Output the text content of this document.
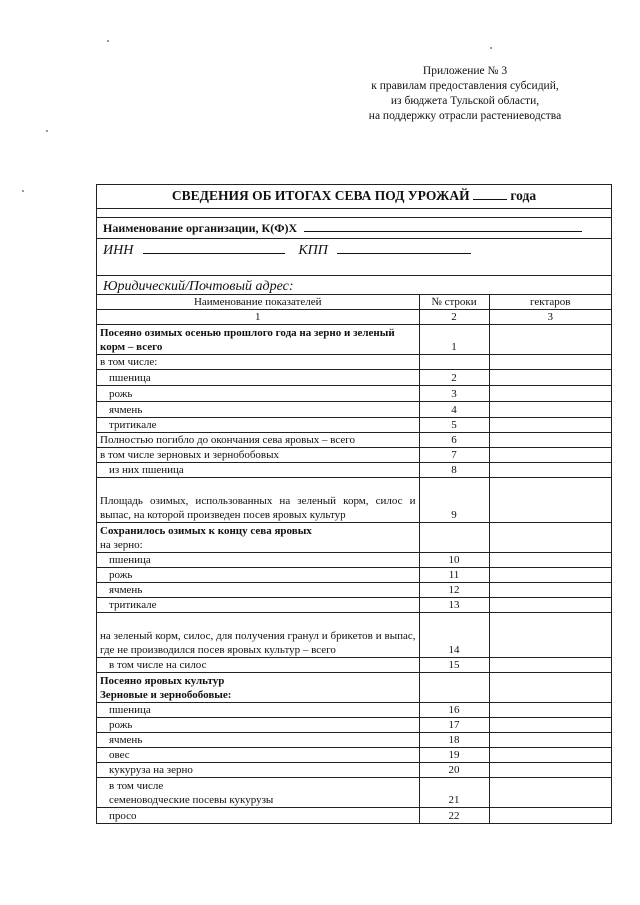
Приложение № 3
к правилам предоставления субсидий,
из бюджета Тульской области,
на поддержку отрасли растениеводства
СВЕДЕНИЯ ОБ ИТОГАХ СЕВА ПОД УРОЖАЙ	года
Наименование организации, К(Ф)Х
ИНН	КПП
Юридический/Почтовый адрес:
Наименование показателей	№ строки	гектаров
1	2	3
Посеяно озимых осенью прошлого года на зерно и зеленый корм – всего	1	
в том числе:		
пшеница	2	
рожь	3	
ячмень	4	
тритикале	5	
Полностью погибло до окончания сева яровых – всего	6	
в том числе зерновых и зернобобовых	7	
из них пшеница	8	
Площадь озимых, использованных на зеленый корм, силос и выпас, на которой произведен посев яровых культур	9	

Сохранилось озимых к концу сева яровых
на зерно:		

пшеница	10	
рожь	11	
ячмень	12	
тритикале	13	
на зеленый корм, силос, для получения гранул и брикетов и выпас, где не производился посев яровых культур – всего	14	
в том числе на силос	15	

Посеяно яровых культур
Зерновые и зернобобовые:		

пшеница	16	
рожь	17	
ячмень	18	
овес	19	
кукуруза на зерно	20	

в том числе
семеноводческие посевы кукурузы	21	
просо	22	
